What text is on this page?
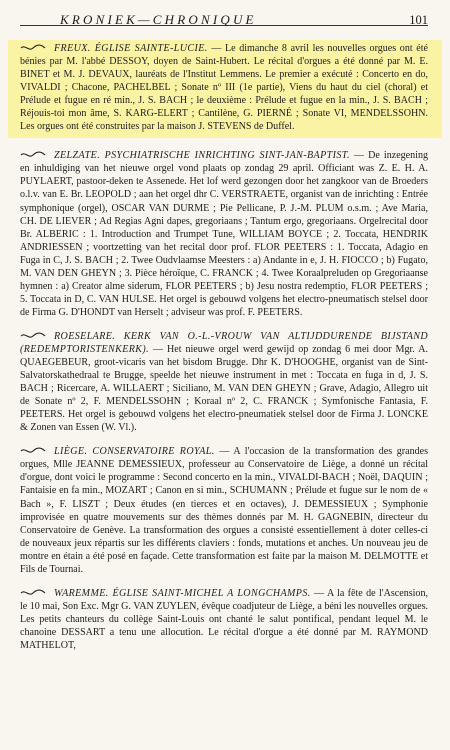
KRONIEK—CHRONIQUE	101

FREUX. ÉGLISE SAINTE-LUCIE. — Le dimanche 8 avril les nouvelles orgues ont été bénies par M. l'abbé DESSOY, doyen de Saint-Hubert. Le récital d'orgues a été donné par M. E. BINET et M. J. DEVAUX, lauréats de l'Institut Lemmens. Le premier a exécuté : Concerto en do, VIVALDI ; Chacone, PACHELBEL ; Sonate nº III (1e partie), Viens du haut du ciel (choral) et Prélude et fugue en ré min., J. S. BACH ; le deuxième : Prélude et fugue en la min., J. S. BACH ; Réjouis-toi mon âme, S. KARG-ELERT ; Cantilène, G. PIERNÉ ; Sonate VI, MENDELSSOHN. Les orgues ont été construites par la maison J. STEVENS de Duffel.

ZELZATE. PSYCHIATRISCHE INRICHTING SINT-JAN-BAPTIST. — De inzegening en inhuldiging van het nieuwe orgel vond plaats op zondag 29 april. Officiant was Z. E. H. A. PUYLAERT, pastoor-deken te Assenede. Het lof werd gezongen door het zangkoor van de Broeders o.l.v. van E. Br. LEOPOLD ; aan het orgel dhr C. VERSTRAETE, organist van de inrichting : Entrée symphonique (orgel), OSCAR VAN DURME ; Pie Pellicane, P. J.-M. PLUM o.s.m. ; Ave Maria, CH. DE LIEVER ; Ad Regias Agni dapes, gregoriaans ; Tantum ergo, gregoriaans. Orgelrecital door Br. ALBERIC : 1. Introduction and Trumpet Tune, WILLIAM BOYCE ; 2. Toccata, HENDRIK ANDRIESSEN ; voortzetting van het recital door prof. FLOR PEETERS : 1. Toccata, Adagio en Fuga in C, J. S. BACH ; 2. Twee Oudvlaamse Meesters : a) Andante in e, J. H. FIOCCO ; b) Fugato, M. VAN DEN GHEYN ; 3. Pièce héroïque, C. FRANCK ; 4. Twee Koraalpreluden op Gregoriaanse hymnen : a) Creator alme siderum, FLOR PEETERS ; b) Jesu nostra redemptio, FLOR PEETERS ; 5. Toccata in D, C. VAN HULSE. Het orgel is gebouwd volgens het electro-pneumatisch stelsel door de Firma G. D'HONDT van Herselt ; adviseur was prof. F. PEETERS.

ROESELARE. KERK VAN O.-L.-VROUW VAN ALTIJDDURENDE BIJSTAND (REDEMPTORISTENKERK). — Het nieuwe orgel werd gewijd op zondag 6 mei door Mgr. A. QUAEGEBEUR, groot-vicaris van het bisdom Brugge. Dhr K. D'HOOGHE, organist van de Sint-Salvatorskathedraal te Brugge, speelde het nieuwe instrument in met : Toccata en fuga in d, J. S. BACH ; Ricercare, A. WILLAERT ; Siciliano, M. VAN DEN GHEYN ; Grave, Adagio, Allegro uit de Sonate nº 2, F. MENDELSSOHN ; Koraal nº 2, C. FRANCK ; Symfonische Fantasia, F. PEETERS. Het orgel is gebouwd volgens het electro-pneumatiek stelsel door de Firma J. LONCKE & Zonen van Essen (W. Vl.).

LIÈGE. CONSERVATOIRE ROYAL. — A l'occasion de la transformation des grandes orgues, Mlle JEANNE DEMESSIEUX, professeur au Conservatoire de Liège, a donné un récital d'orgue, dont voici le programme : Second concerto en la min., VIVALDI-BACH ; Noël, DAQUIN ; Fantaisie en fa min., MOZART ; Canon en si min., SCHUMANN ; Prélude et fugue sur le nom de « Bach », F. LISZT ; Deux études (en tierces et en octaves), J. DEMESSIEUX ; Symphonie improvisée en quatre mouvements sur des thèmes donnés par M. H. GAGNEBIN, directeur du Conservatoire de Genève. La transformation des orgues a consisté essentiellement à doter celles-ci de nouveaux jeux répartis sur les différents claviers : fonds, mutations et anches. Un nouveau jeu de montre en étain a été posé en façade. Cette transformation est faite par la maison M. DELMOTTE et Fils de Tournai.

WAREMME. ÉGLISE SAINT-MICHEL A LONGCHAMPS. — A la fête de l'Ascension, le 10 mai, Son Exc. Mgr G. VAN ZUYLEN, évêque coadjuteur de Liège, a béni les nouvelles orgues. Les petits chanteurs du collège Saint-Louis ont chanté le salut pontifical, pendant lequel M. le chanoine DESSART a tenu une allocution. Le récital d'orgue a été donné par M. RAYMOND MATHELOT,
